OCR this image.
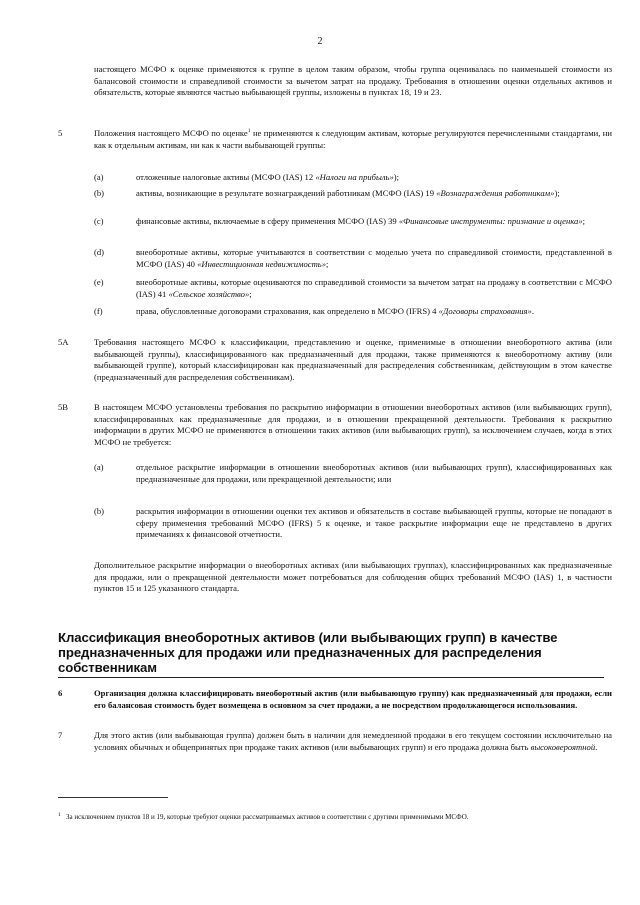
2
настоящего МСФО к оценке применяются к группе в целом таким образом, чтобы группа оценивалась по наименьшей стоимости из балансовой стоимости и справедливой стоимости за вычетом затрат на продажу. Требования в отношении оценки отдельных активов и обязательств, которые являются частью выбывающей группы, изложены в пунктах 18, 19 и 23.
5	Положения настоящего МСФО по оценке$^1$ не применяются к следующим активам, которые регулируются перечисленными стандартами, ни как к отдельным активам, ни как к части выбывающей группы:
(a)	отложенные налоговые активы (МСФО (IAS) 12 «Налоги на прибыль»);
(b)	активы, возникающие в результате вознаграждений работникам (МСФО (IAS) 19 «Вознаграждения работникам»);
(c)	финансовые активы, включаемые в сферу применения МСФО (IAS) 39 «Финансовые инструменты: признание и оценка»;
(d)	внеоборотные активы, которые учитываются в соответствии с моделью учета по справедливой стоимости, представленной в МСФО (IAS) 40 «Инвестиционная недвижимость»;
(e)	внеоборотные активы, которые оцениваются по справедливой стоимости за вычетом затрат на продажу в соответствии с МСФО (IAS) 41 «Сельское хозяйство»;
(f)	права, обусловленные договорами страхования, как определено в МСФО (IFRS) 4 «Договоры страхования».
5A	Требования настоящего МСФО к классификации, представлению и оценке, применимые в отношении внеоборотного актива (или выбывающей группы), классифицированного как предназначенный для продажи, также применяются к внеоборотному активу (или выбывающей группе), который классифицирован как предназначенный для распределения собственникам, действующим в этом качестве (предназначенный для распределения собственникам).
5B	В настоящем МСФО установлены требования по раскрытию информации в отношении внеоборотных активов (или выбывающих групп), классифицированных как предназначенные для продажи, и в отношении прекращенной деятельности. Требования к раскрытию информации в других МСФО не применяются в отношении таких активов (или выбывающих групп), за исключением случаев, когда в этих МСФО не требуется:
(a)	отдельное раскрытие информации в отношении внеоборотных активов (или выбывающих групп), классифицированных как предназначенные для продажи, или прекращенной деятельности; или
(b)	раскрытия информации в отношении оценки тех активов и обязательств в составе выбывающей группы, которые не попадают в сферу применения требований МСФО (IFRS) 5 к оценке, и такое раскрытие информации еще не представлено в других примечаниях к финансовой отчетности.
Дополнительное раскрытие информации о внеоборотных активах (или выбывающих группах), классифицированных как предназначенные для продажи, или о прекращенной деятельности может потребоваться для соблюдения общих требований МСФО (IAS) 1, в частности пунктов 15 и 125 указанного стандарта.
Классификация внеоборотных активов (или выбывающих групп) в качестве предназначенных для продажи или предназначенных для распределения собственникам
6	Организация должна классифицировать внеоборотный актив (или выбывающую группу) как предназначенный для продажи, если его балансовая стоимость будет возмещена в основном за счет продажи, а не посредством продолжающегося использования.
7	Для этого актив (или выбывающая группа) должен быть в наличии для немедленной продажи в его текущем состоянии исключительно на условиях обычных и общепринятых при продаже таких активов (или выбывающих групп) и его продажа должна быть высоковероятной.
1 За исключением пунктов 18 и 19, которые требуют оценки рассматриваемых активов в соответствии с другими применимыми МСФО.
